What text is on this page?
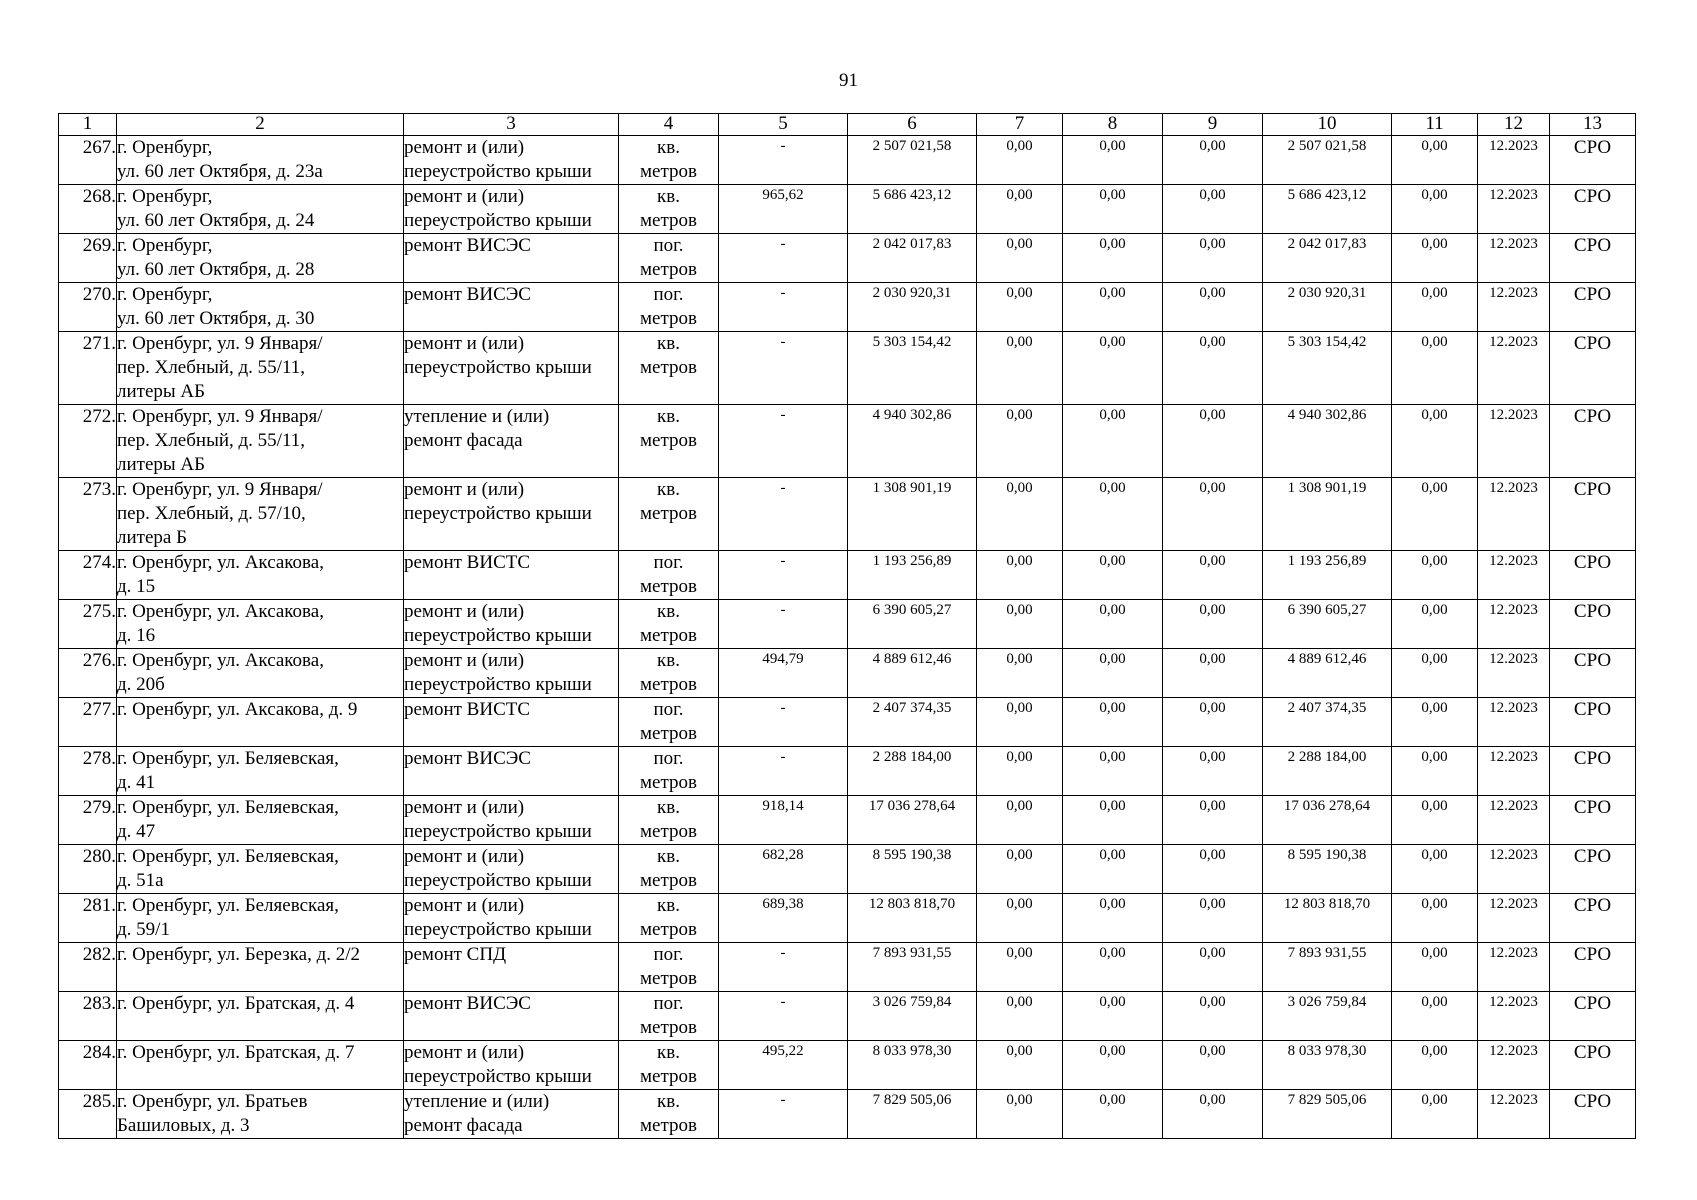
91
1	2	3	4	5	6	7	8	9	10	11	12	13
267.	г. Оренбург,
ул. 60 лет Октября, д. 23а	ремонт и (или)
переустройство крыши	кв.
метров	-	2 507 021,58	0,00	0,00	0,00	2 507 021,58	0,00	12.2023	СРО
268.	г. Оренбург,
ул. 60 лет Октября, д. 24	ремонт и (или)
переустройство крыши	кв.
метров	965,62	5 686 423,12	0,00	0,00	0,00	5 686 423,12	0,00	12.2023	СРО
269.	г. Оренбург,
ул. 60 лет Октября, д. 28	ремонт ВИСЭС	пог.
метров	-	2 042 017,83	0,00	0,00	0,00	2 042 017,83	0,00	12.2023	СРО
270.	г. Оренбург,
ул. 60 лет Октября, д. 30	ремонт ВИСЭС	пог.
метров	-	2 030 920,31	0,00	0,00	0,00	2 030 920,31	0,00	12.2023	СРО
271.	г. Оренбург, ул. 9 Января/
пер. Хлебный, д. 55/11,
литеры АБ	ремонт и (или)
переустройство крыши	кв.
метров	-	5 303 154,42	0,00	0,00	0,00	5 303 154,42	0,00	12.2023	СРО
272.	г. Оренбург, ул. 9 Января/
пер. Хлебный, д. 55/11,
литеры АБ	утепление и (или)
ремонт фасада	кв.
метров	-	4 940 302,86	0,00	0,00	0,00	4 940 302,86	0,00	12.2023	СРО
273.	г. Оренбург, ул. 9 Января/
пер. Хлебный, д. 57/10,
литера Б	ремонт и (или)
переустройство крыши	кв.
метров	-	1 308 901,19	0,00	0,00	0,00	1 308 901,19	0,00	12.2023	СРО
274.	г. Оренбург, ул. Аксакова,
д. 15	ремонт ВИСТС	пог.
метров	-	1 193 256,89	0,00	0,00	0,00	1 193 256,89	0,00	12.2023	СРО
275.	г. Оренбург, ул. Аксакова,
д. 16	ремонт и (или)
переустройство крыши	кв.
метров	-	6 390 605,27	0,00	0,00	0,00	6 390 605,27	0,00	12.2023	СРО
276.	г. Оренбург, ул. Аксакова,
д. 20б	ремонт и (или)
переустройство крыши	кв.
метров	494,79	4 889 612,46	0,00	0,00	0,00	4 889 612,46	0,00	12.2023	СРО
277.	г. Оренбург, ул. Аксакова, д. 9	ремонт ВИСТС	пог.
метров	-	2 407 374,35	0,00	0,00	0,00	2 407 374,35	0,00	12.2023	СРО
278.	г. Оренбург, ул. Беляевская,
д. 41	ремонт ВИСЭС	пог.
метров	-	2 288 184,00	0,00	0,00	0,00	2 288 184,00	0,00	12.2023	СРО
279.	г. Оренбург, ул. Беляевская,
д. 47	ремонт и (или)
переустройство крыши	кв.
метров	918,14	17 036 278,64	0,00	0,00	0,00	17 036 278,64	0,00	12.2023	СРО
280.	г. Оренбург, ул. Беляевская,
д. 51а	ремонт и (или)
переустройство крыши	кв.
метров	682,28	8 595 190,38	0,00	0,00	0,00	8 595 190,38	0,00	12.2023	СРО
281.	г. Оренбург, ул. Беляевская,
д. 59/1	ремонт и (или)
переустройство крыши	кв.
метров	689,38	12 803 818,70	0,00	0,00	0,00	12 803 818,70	0,00	12.2023	СРО
282.	г. Оренбург, ул. Березка, д. 2/2	ремонт СПД	пог.
метров	-	7 893 931,55	0,00	0,00	0,00	7 893 931,55	0,00	12.2023	СРО
283.	г. Оренбург, ул. Братская, д. 4	ремонт ВИСЭС	пог.
метров	-	3 026 759,84	0,00	0,00	0,00	3 026 759,84	0,00	12.2023	СРО
284.	г. Оренбург, ул. Братская, д. 7	ремонт и (или)
переустройство крыши	кв.
метров	495,22	8 033 978,30	0,00	0,00	0,00	8 033 978,30	0,00	12.2023	СРО
285.	г. Оренбург, ул. Братьев
Башиловых, д. 3	утепление и (или)
ремонт фасада	кв.
метров	-	7 829 505,06	0,00	0,00	0,00	7 829 505,06	0,00	12.2023	СРО
